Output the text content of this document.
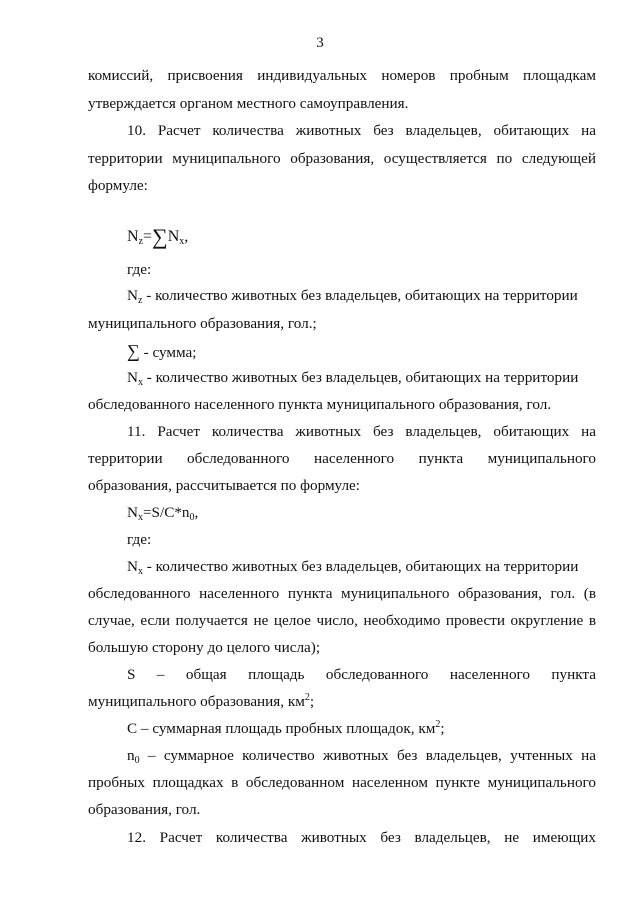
3
комиссий, присвоения индивидуальных номеров пробным площадкам
утверждается органом местного самоуправления.
10. Расчет количества животных без владельцев, обитающих на
территории муниципального образования, осуществляется по следующей
формуле:
$N_z=\sum N_x$,
где:
$N_z$ - количество животных без владельцев, обитающих на территории
муниципального образования, гол.;
∑ - сумма;
$N_x$ - количество животных без владельцев, обитающих на территории
обследованного населенного пункта муниципального образования, гол.
11. Расчет количества животных без владельцев, обитающих на
территории обследованного населенного пункта муниципального
образования, рассчитывается по формуле:
$N_x=S/C*n_0$,
где:
$N_x$ - количество животных без владельцев, обитающих на территории
обследованного населенного пункта муниципального образования, гол. (в
случае, если получается не целое число, необходимо провести округление в
большую сторону до целого числа);
S – общая площадь обследованного населенного пункта
муниципального образования, $км^2$;
С – суммарная площадь пробных площадок, $км^2$;
$n_0$ – суммарное количество животных без владельцев, учтенных на
пробных площадках в обследованном населенном пункте муниципального
образования, гол.
12. Расчет количества животных без владельцев, не имеющих
